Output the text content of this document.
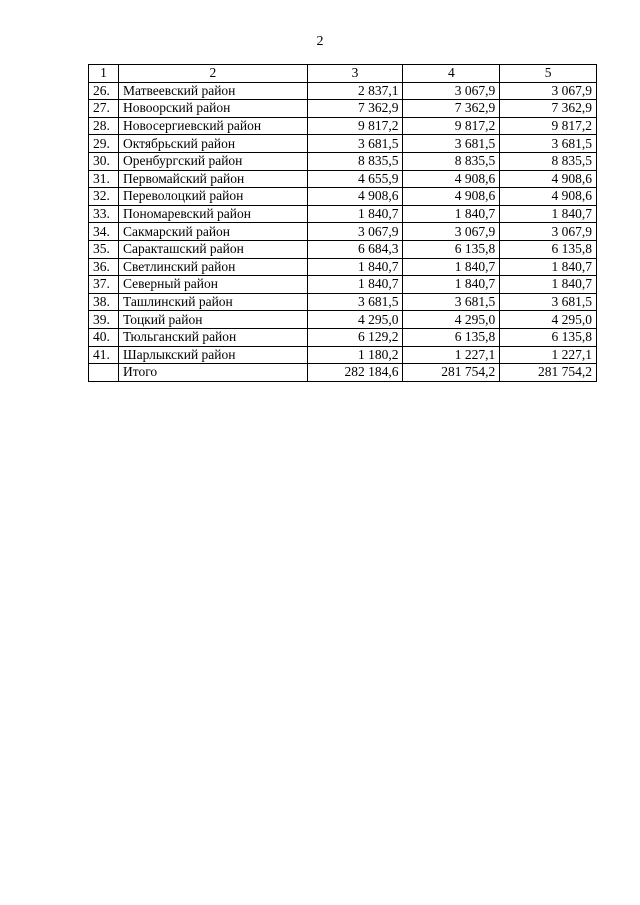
2
1	2	3	4	5
26.	Матвеевский район	2 837,1	3 067,9	3 067,9
27.	Новоорский район	7 362,9	7 362,9	7 362,9
28.	Новосергиевский район	9 817,2	9 817,2	9 817,2
29.	Октябрьский район	3 681,5	3 681,5	3 681,5
30.	Оренбургский район	8 835,5	8 835,5	8 835,5
31.	Первомайский район	4 655,9	4 908,6	4 908,6
32.	Переволоцкий район	4 908,6	4 908,6	4 908,6
33.	Пономаревский район	1 840,7	1 840,7	1 840,7
34.	Сакмарский район	3 067,9	3 067,9	3 067,9
35.	Саракташский район	6 684,3	6 135,8	6 135,8
36.	Светлинский район	1 840,7	1 840,7	1 840,7
37.	Северный район	1 840,7	1 840,7	1 840,7
38.	Ташлинский район	3 681,5	3 681,5	3 681,5
39.	Тоцкий район	4 295,0	4 295,0	4 295,0
40.	Тюльганский район	6 129,2	6 135,8	6 135,8
41.	Шарлыкский район	1 180,2	1 227,1	1 227,1
	Итого	282 184,6	281 754,2	281 754,2
